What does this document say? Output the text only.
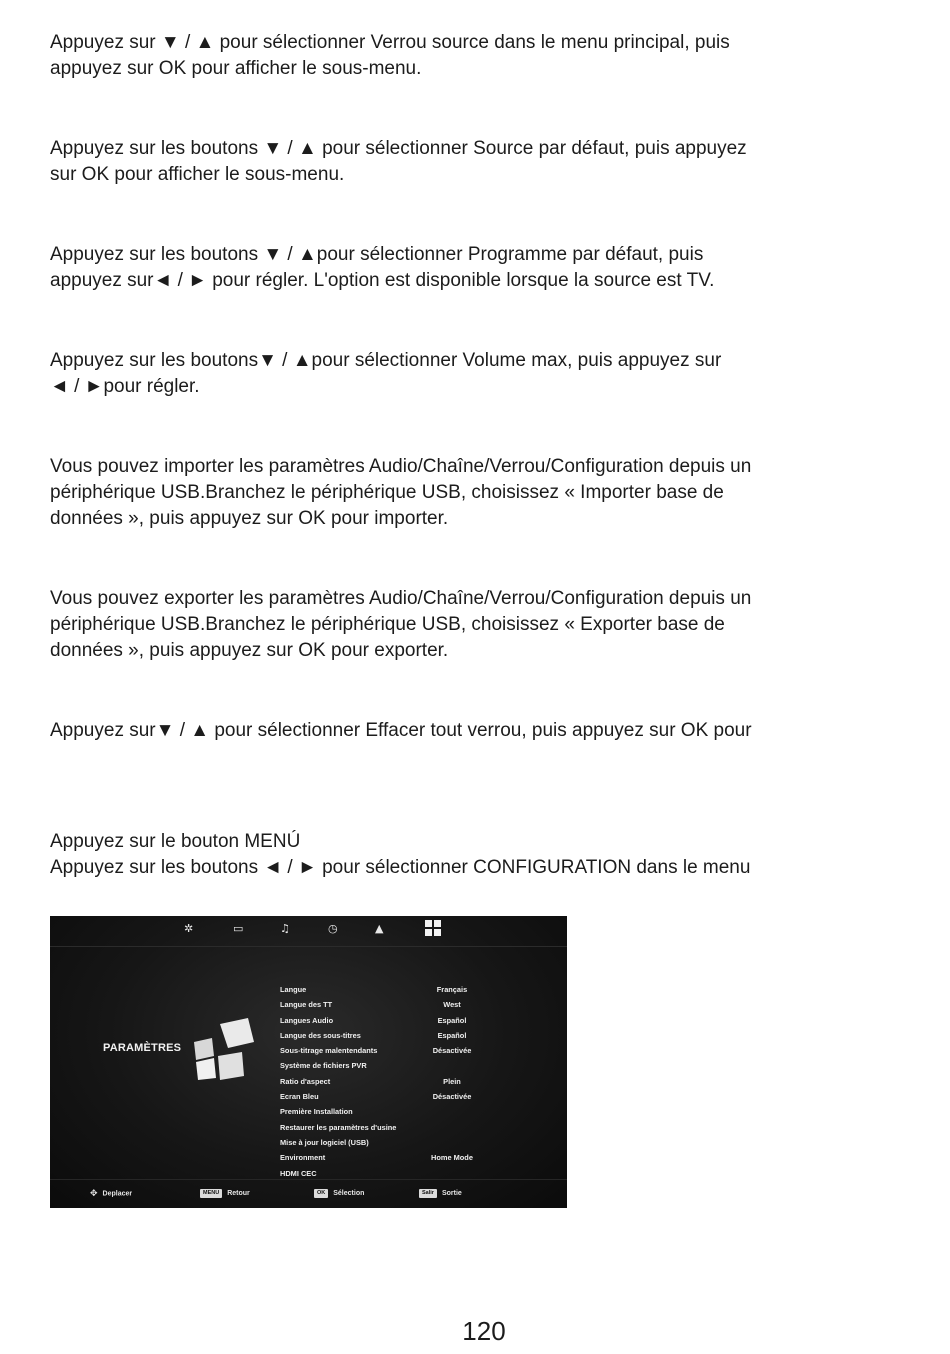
Appuyez sur ▼ / ▲ pour sélectionner Verrou source dans le menu principal, puis
appuyez sur OK pour afficher le sous-menu.

Appuyez sur les boutons ▼ / ▲ pour sélectionner Source par défaut, puis appuyez
sur OK pour afficher le sous-menu.

Appuyez sur les boutons ▼ / ▲pour sélectionner Programme par défaut, puis
appuyez sur◄ / ► pour régler. L'option est disponible lorsque la source est TV.

Appuyez sur les boutons▼ / ▲pour sélectionner Volume max, puis appuyez sur
◄ / ►pour régler.

Vous pouvez importer les paramètres Audio/Chaîne/Verrou/Configuration depuis un
périphérique USB.Branchez le périphérique USB, choisissez « Importer base de
données », puis appuyez sur OK pour importer.

Vous pouvez exporter les paramètres Audio/Chaîne/Verrou/Configuration depuis un
périphérique USB.Branchez le périphérique USB, choisissez « Exporter base de
données », puis appuyez sur OK pour exporter.

Appuyez sur▼ / ▲ pour sélectionner Effacer tout verrou, puis appuyez sur OK pour

Appuyez sur le bouton MENÚ
Appuyez sur les boutons ◄ / ► pour sélectionner CONFIGURATION dans le menu

✲	▭	♫	◷	▲
PARAMÈTRES
Langue	Français
Langue des TT	West
Langues Audio	Español
Langue des sous-titres	Español
Sous-titrage malentendants	Désactivée
Système de fichiers PVR
Ratio d'aspect	Plein
Ecran Bleu	Désactivée
Première Installation
Restaurer les paramètres d'usine
Mise à jour logiciel (USB)
Environment	Home Mode
HDMI CEC
✥ Deplacer	MENU Retour	OK Sélection	Salir Sortie
120
